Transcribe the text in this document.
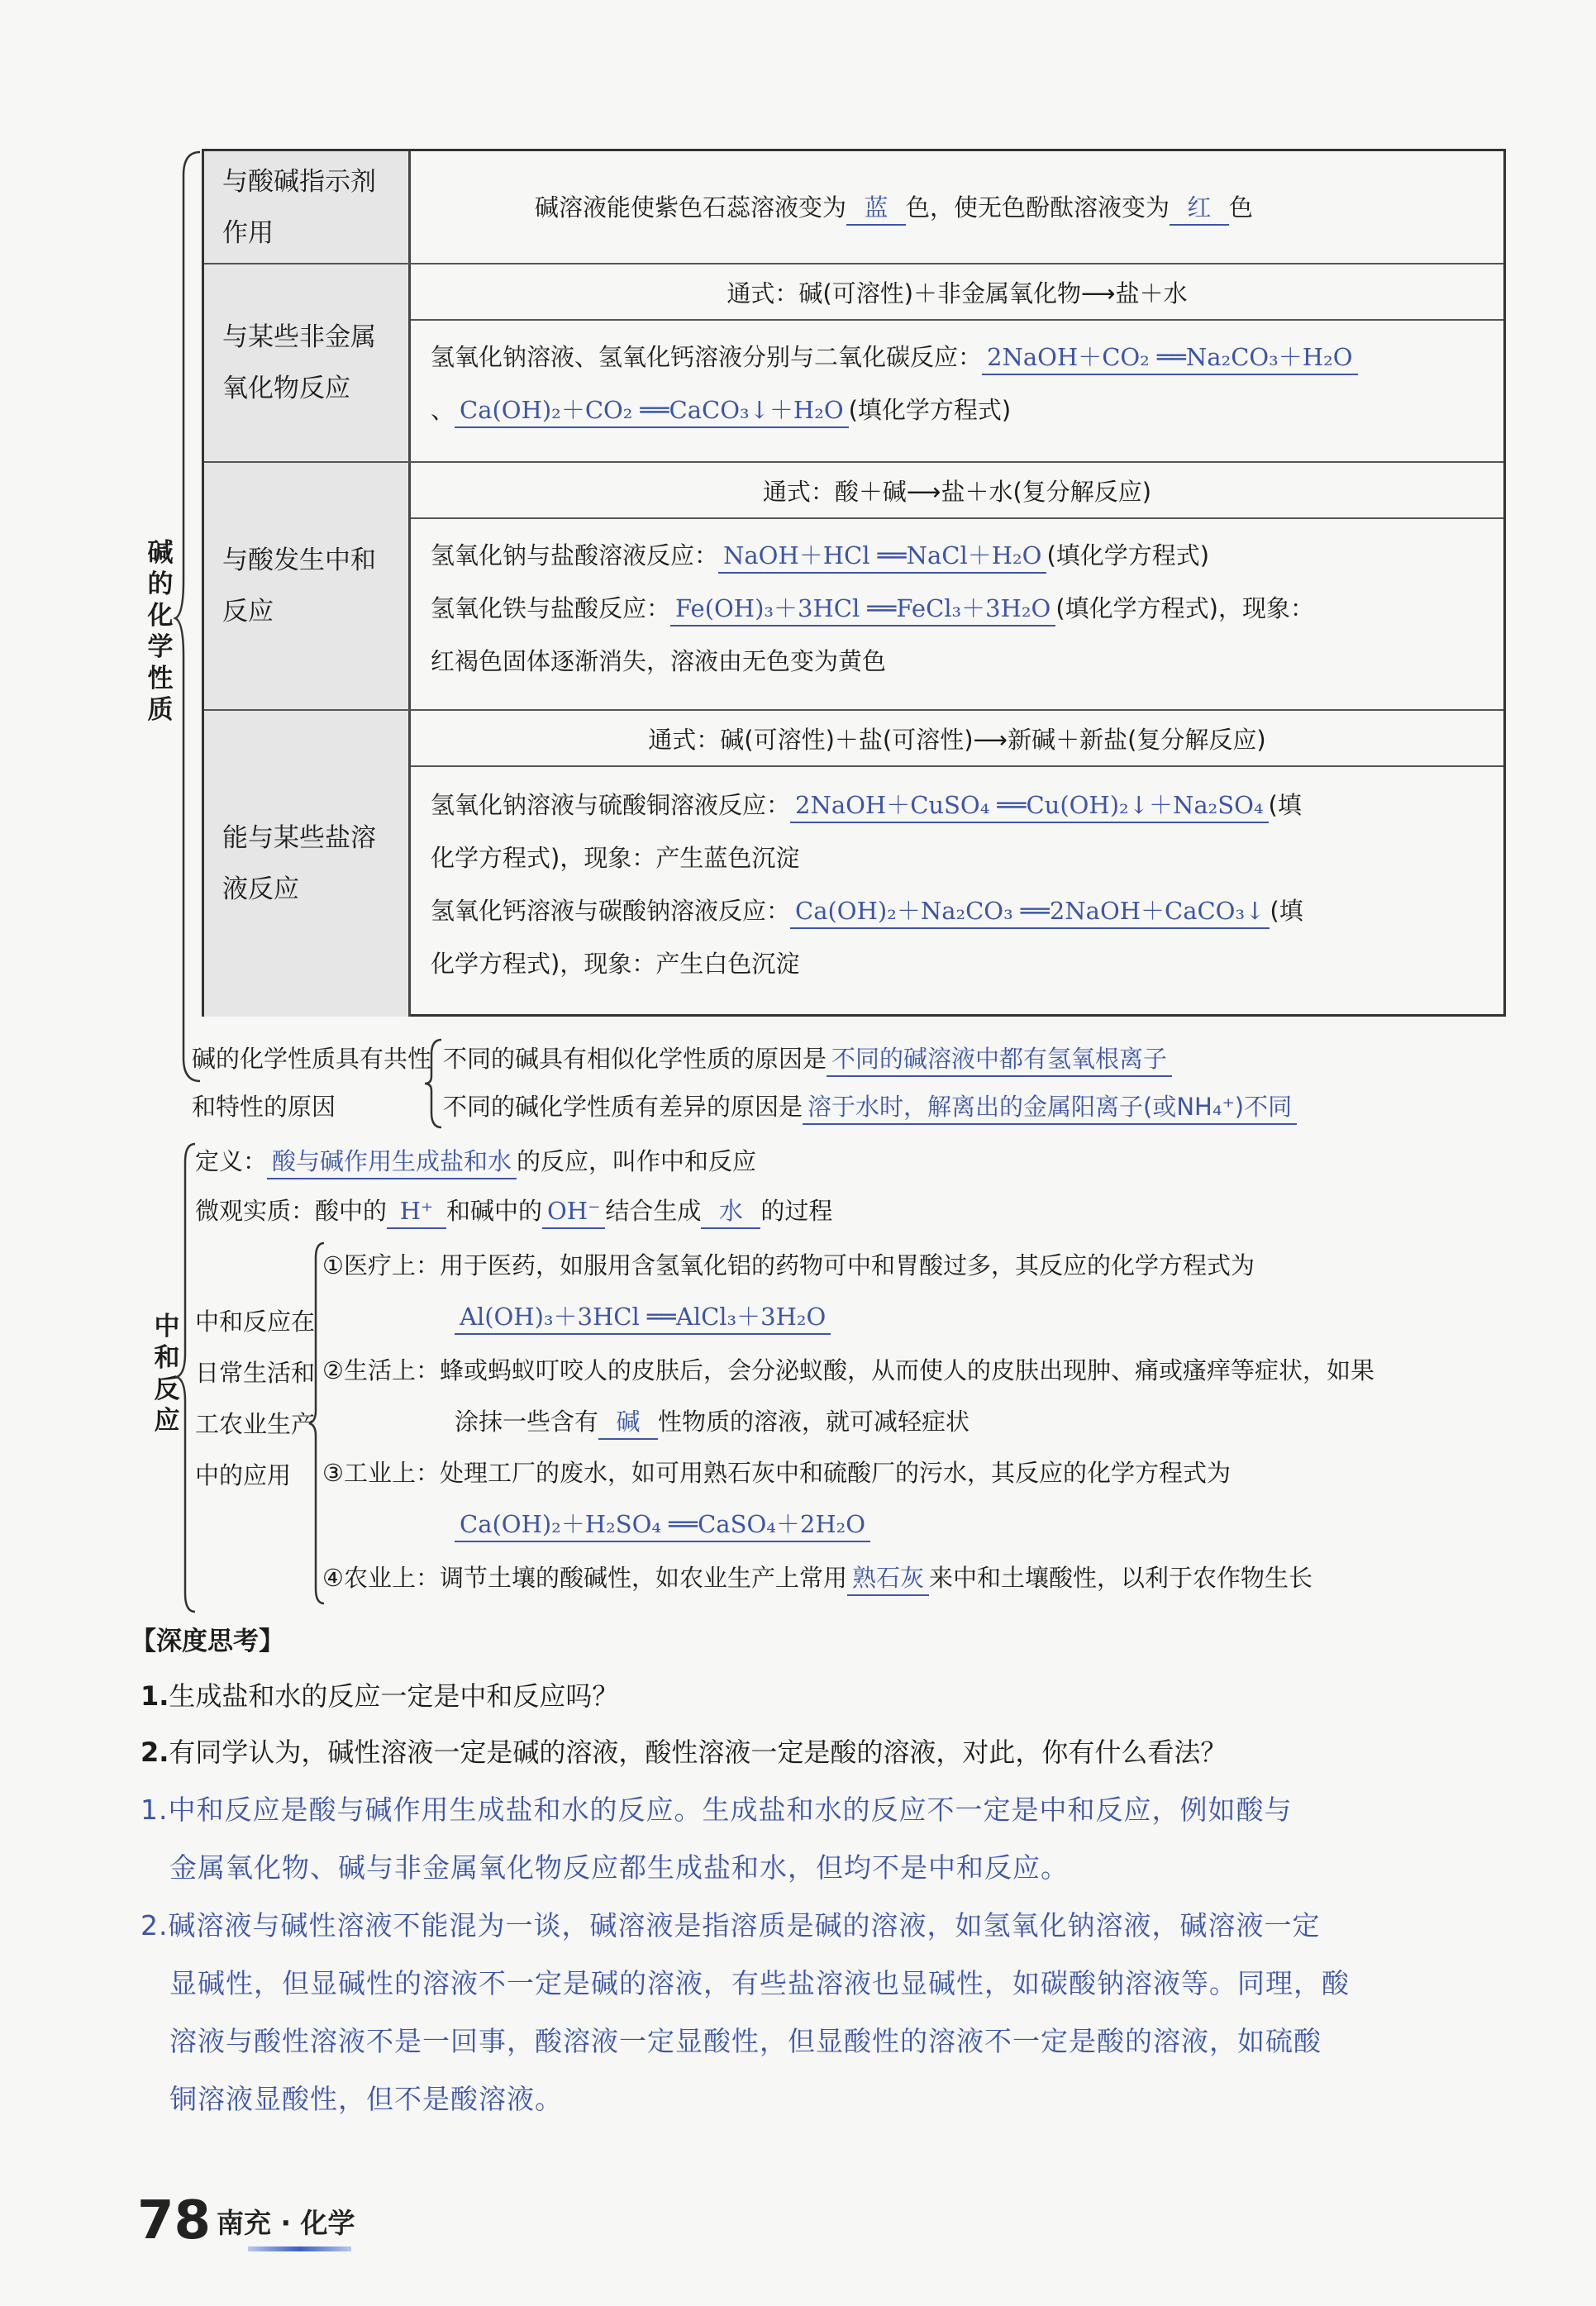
碱的化学性质
与酸碱指示剂作用
碱溶液能使紫色石蕊溶液变为 蓝 色，使无色酚酞溶液变为 红 色
与某些非金属氧化物反应
通式：碱(可溶性)＋非金属氧化物⟶盐＋水
氢氧化钠溶液、氢氧化钙溶液分别与二氧化碳反应： 2NaOH＋CO₂ ══Na₂CO₃＋H₂O
、 Ca(OH)₂＋CO₂ ══CaCO₃↓＋H₂O (填化学方程式)
与酸发生中和反应
通式：酸＋碱⟶盐＋水(复分解反应)
氢氧化钠与盐酸溶液反应： NaOH＋HCl ══NaCl＋H₂O (填化学方程式)
氢氧化铁与盐酸反应： Fe(OH)₃＋3HCl ══FeCl₃＋3H₂O (填化学方程式)，现象：
红褐色固体逐渐消失，溶液由无色变为黄色
能与某些盐溶液反应
通式：碱(可溶性)＋盐(可溶性)⟶新碱＋新盐(复分解反应)
氢氧化钠溶液与硫酸铜溶液反应： 2NaOH＋CuSO₄ ══Cu(OH)₂↓＋Na₂SO₄ (填
化学方程式)，现象：产生蓝色沉淀
氢氧化钙溶液与碳酸钠溶液反应： Ca(OH)₂＋Na₂CO₃ ══2NaOH＋CaCO₃↓ (填
化学方程式)，现象：产生白色沉淀
碱的化学性质具有共性和特性的原因
不同的碱具有相似化学性质的原因是 不同的碱溶液中都有氢氧根离子
不同的碱化学性质有差异的原因是 溶于水时，解离出的金属阳离子(或NH₄⁺)不同
中和反应
定义： 酸与碱作用生成盐和水 的反应，叫作中和反应
微观实质：酸中的 H⁺ 和碱中的 OH⁻ 结合生成 水 的过程
中和反应在日常生活和工农业生产中的应用
①医疗上：用于医药，如服用含氢氧化铝的药物可中和胃酸过多，其反应的化学方程式为
Al(OH)₃＋3HCl ══AlCl₃＋3H₂O
②生活上：蜂或蚂蚁叮咬人的皮肤后，会分泌蚁酸，从而使人的皮肤出现肿、痛或瘙痒等症状，如果
涂抹一些含有 碱 性物质的溶液，就可减轻症状
③工业上：处理工厂的废水，如可用熟石灰中和硫酸厂的污水，其反应的化学方程式为
Ca(OH)₂＋H₂SO₄ ══CaSO₄＋2H₂O
④农业上：调节土壤的酸碱性，如农业生产上常用 熟石灰 来中和土壤酸性，以利于农作物生长
【深度思考】
1.生成盐和水的反应一定是中和反应吗？
2.有同学认为，碱性溶液一定是碱的溶液，酸性溶液一定是酸的溶液，对此，你有什么看法？
1.中和反应是酸与碱作用生成盐和水的反应。生成盐和水的反应不一定是中和反应，例如酸与
金属氧化物、碱与非金属氧化物反应都生成盐和水，但均不是中和反应。
2.碱溶液与碱性溶液不能混为一谈，碱溶液是指溶质是碱的溶液，如氢氧化钠溶液，碱溶液一定
显碱性，但显碱性的溶液不一定是碱的溶液，有些盐溶液也显碱性，如碳酸钠溶液等。同理，酸
溶液与酸性溶液不是一回事，酸溶液一定显酸性，但显酸性的溶液不一定是酸的溶液，如硫酸
铜溶液显酸性，但不是酸溶液。
78 南充 · 化学
